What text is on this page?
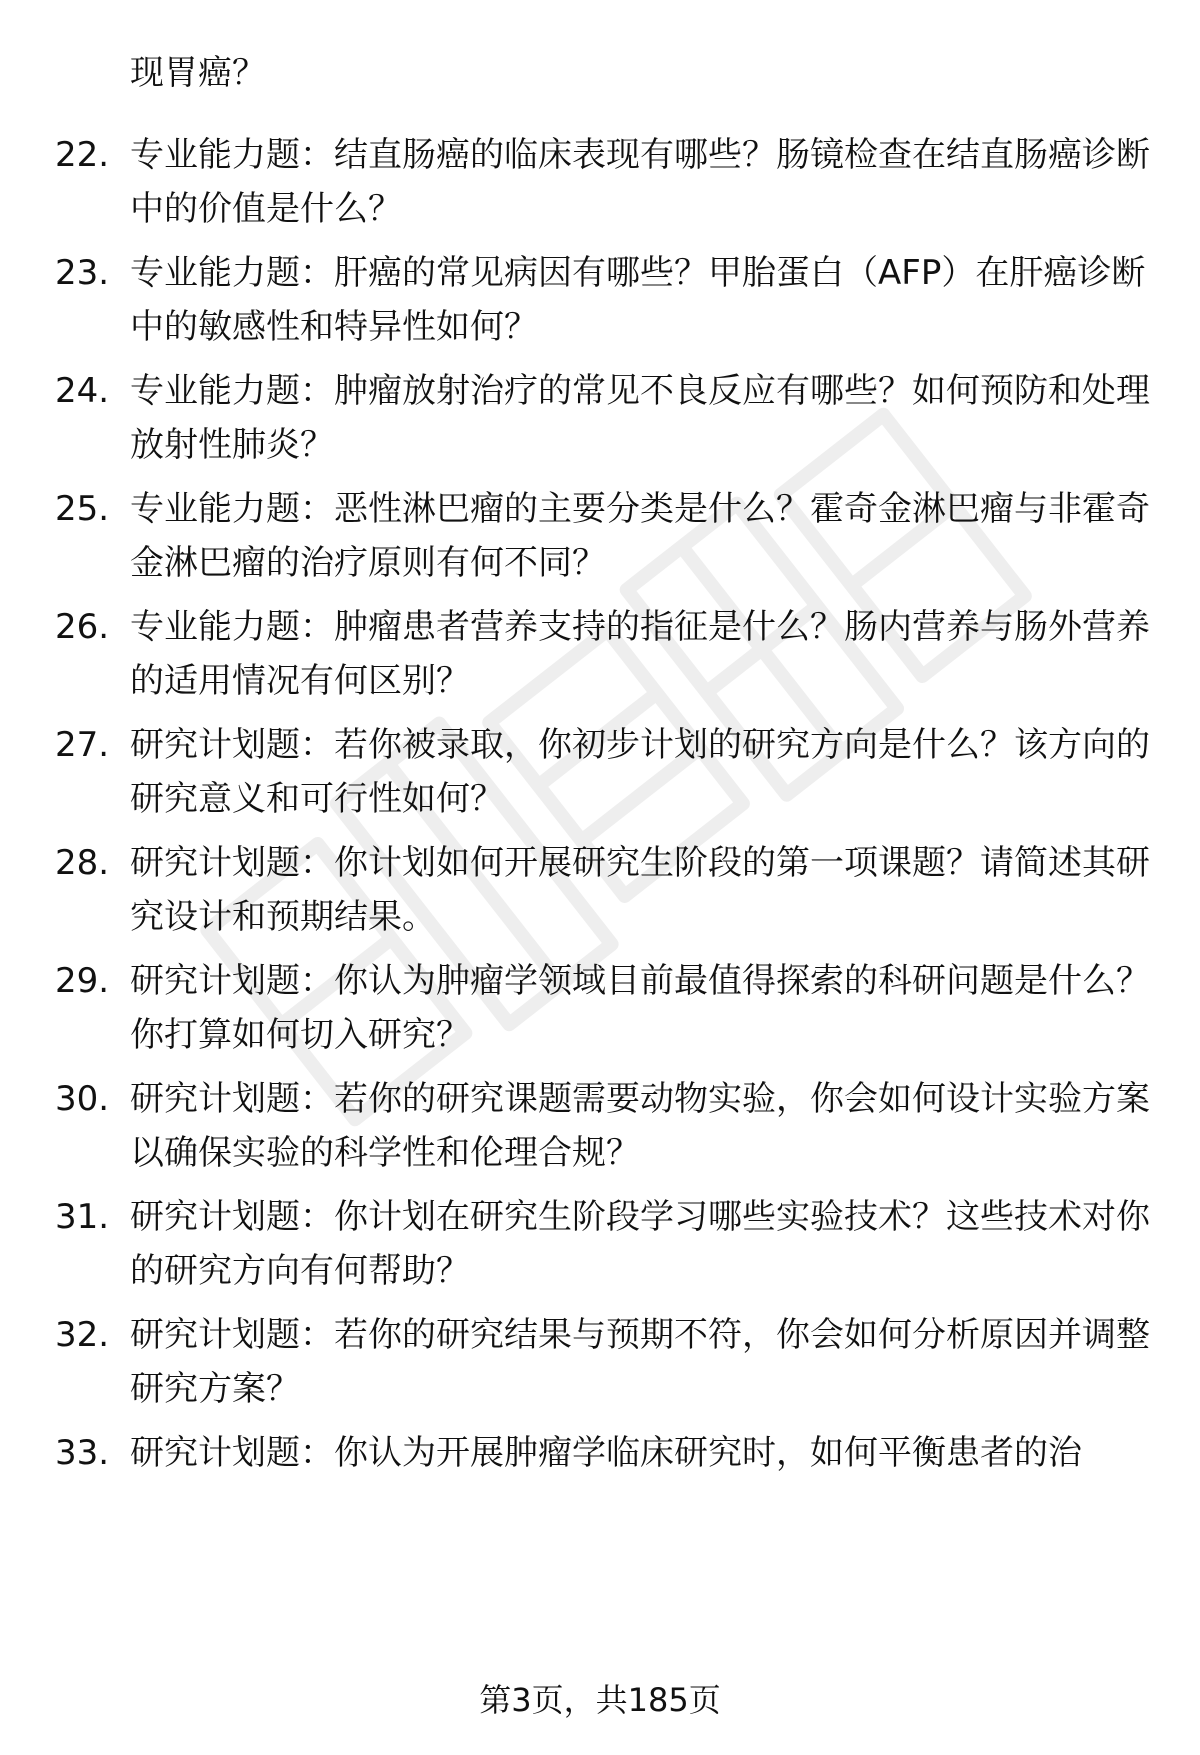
现胃癌？
22. 专业能力题：结直肠癌的临床表现有哪些？肠镜检查在结直肠癌诊断中的价值是什么？
23. 专业能力题：肝癌的常见病因有哪些？甲胎蛋白（AFP）在肝癌诊断中的敏感性和特异性如何？
24. 专业能力题：肿瘤放射治疗的常见不良反应有哪些？如何预防和处理放射性肺炎？
25. 专业能力题：恶性淋巴瘤的主要分类是什么？霍奇金淋巴瘤与非霍奇金淋巴瘤的治疗原则有何不同？
26. 专业能力题：肿瘤患者营养支持的指征是什么？肠内营养与肠外营养的适用情况有何区别？
27. 研究计划题：若你被录取，你初步计划的研究方向是什么？该方向的研究意义和可行性如何？
28. 研究计划题：你计划如何开展研究生阶段的第一项课题？请简述其研究设计和预期结果。
29. 研究计划题：你认为肿瘤学领域目前最值得探索的科研问题是什么？你打算如何切入研究？
30. 研究计划题：若你的研究课题需要动物实验，你会如何设计实验方案以确保实验的科学性和伦理合规？
31. 研究计划题：你计划在研究生阶段学习哪些实验技术？这些技术对你的研究方向有何帮助？
32. 研究计划题：若你的研究结果与预期不符，你会如何分析原因并调整研究方案？
33. 研究计划题：你认为开展肿瘤学临床研究时，如何平衡患者的治
第3页，共185页
